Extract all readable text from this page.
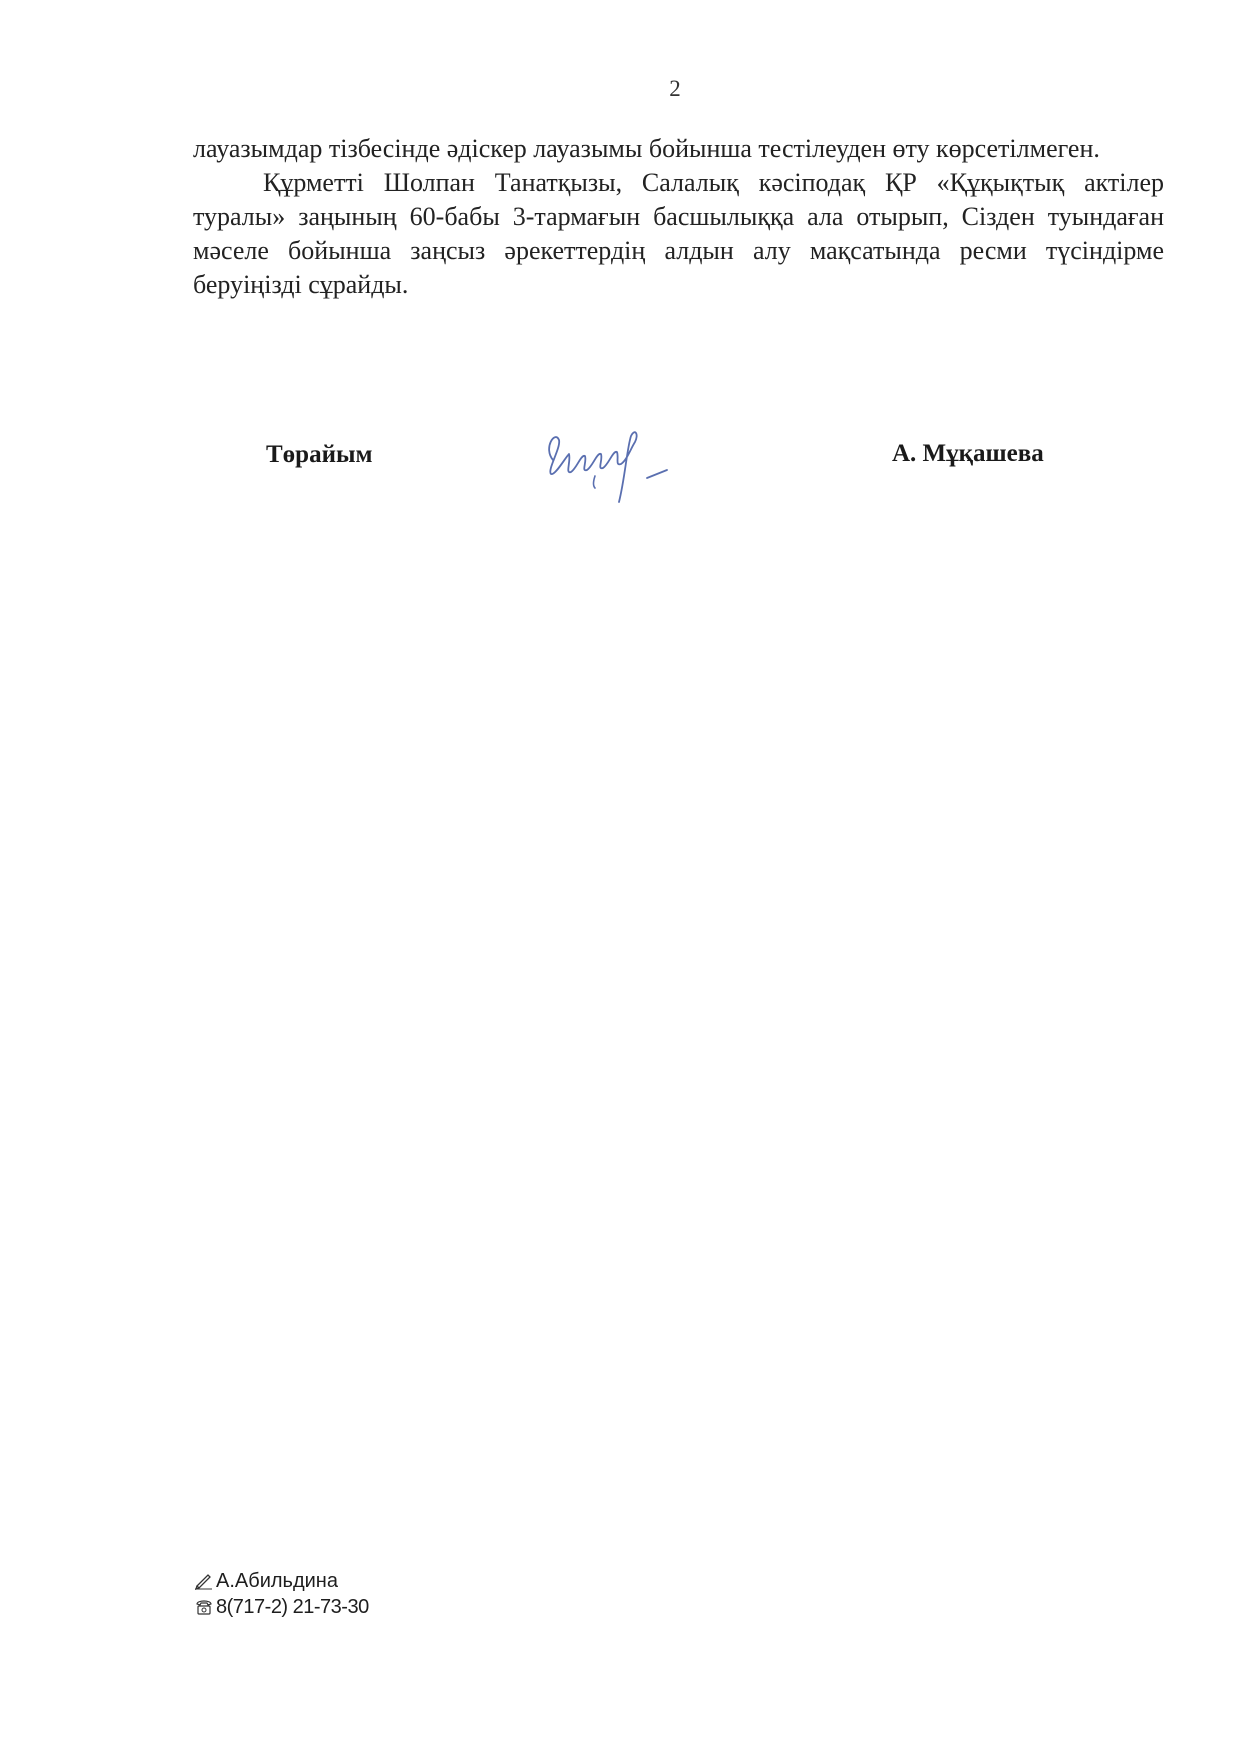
2

лауазымдар тізбесінде әдіскер лауазымы бойынша тестілеуден өту көрсетілмеген.

Құрметті Шолпан Танатқызы, Салалық кәсіподақ ҚР «Құқықтық актілер туралы» заңының 60-бабы 3-тармағын басшылыққа ала отырып, Сізден туындаған мәселе бойынша заңсыз әрекеттердің алдын алу мақсатында ресми түсіндірме беруіңізді сұрайды.

Төрайым	А. Мұқашева
А.Абильдина
8(717-2) 21-73-30
